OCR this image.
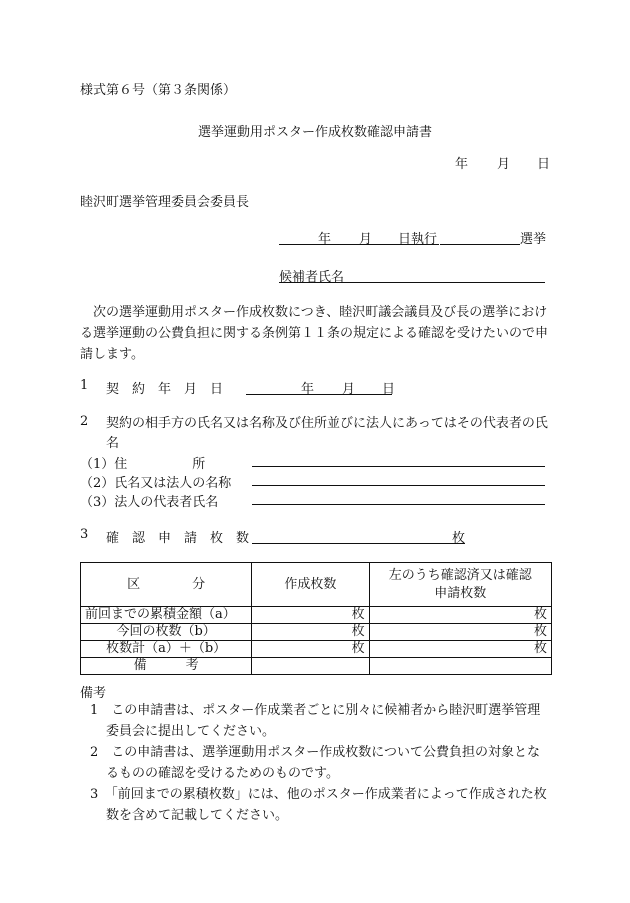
様式第６号（第３条関係）
選挙運動用ポスター作成枚数確認申請書
年 月 日
睦沢町選挙管理委員会委員長
年 月 日執行	選挙
候補者氏名
次の選挙運動用ポスター作成枚数につき、睦沢町議会議員及び長の選挙における選挙運動の公費負担に関する条例第１１条の規定による確認を受けたいので申請します。
1 契　約　年　月　日	年 月 日
2 契約の相手方の氏名又は名称及び住所並びに法人にあってはその代表者の氏名
（1）住　　　　　所
（2）氏名又は法人の名称
（3）法人の代表者氏名
3 確　認　申　請　枚　数	枚
区　　　　分	作成枚数	左のうち確認済又は確認申請枚数
前回までの累積金額（a）	枚	枚
今回の枚数（b）	枚	枚
枚数計（a）＋（b）	枚	枚
備　　　考		
備考
1　この申請書は、ポスター作成業者ごとに別々に候補者から睦沢町選挙管理委員会に提出してください。
2　この申請書は、選挙運動用ポスター作成枚数について公費負担の対象となるものの確認を受けるためのものです。
3　「前回までの累積枚数」には、他のポスター作成業者によって作成された枚数を含めて記載してください。
